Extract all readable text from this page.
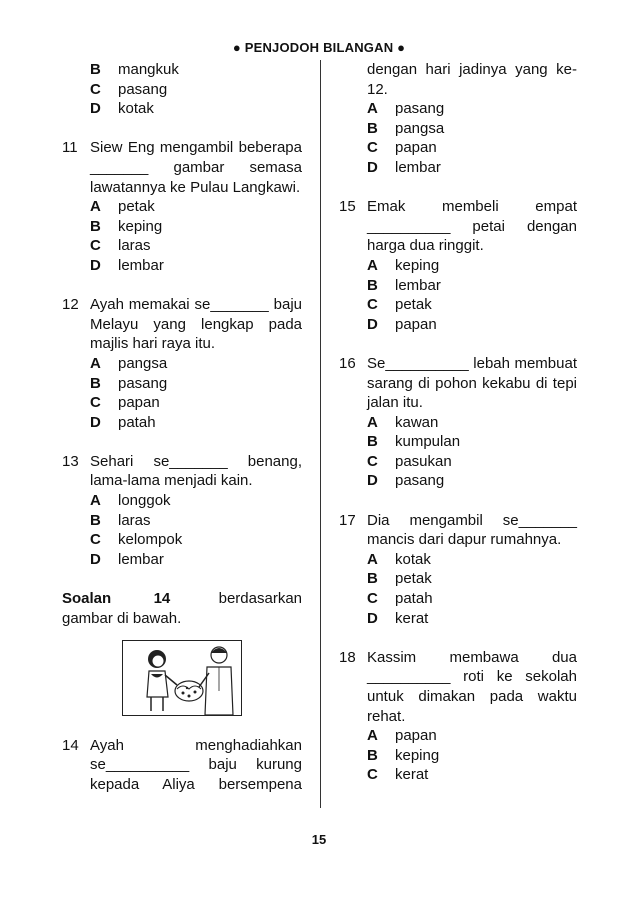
● PENJODOH BILANGAN ●
B	mangkuk
C	pasang
D	kotak
11 Siew Eng mengambil beberapa _______ gambar semasa lawatannya ke Pulau Langkawi.
A	petak
B	keping
C	laras
D	lembar
12 Ayah memakai se_______ baju Melayu yang lengkap pada majlis hari raya itu.
A	pangsa
B	pasang
C	papan
D	patah
13 Sehari se_______ benang, lama-lama menjadi kain.
A	longgok
B	laras
C	kelompok
D	lembar
Soalan	14	berdasarkan gambar di bawah.
14 Ayah menghadiahkan se__________ baju kurung kepada Aliya bersempena
dengan hari jadinya yang ke-12.
A	pasang
B	pangsa
C	papan
D	lembar
15 Emak membeli empat __________ petai dengan harga dua ringgit.
A	keping
B	lembar
C	petak
D	papan
16 Se__________ lebah membuat sarang di pohon kekabu di tepi jalan itu.
A	kawan
B	kumpulan
C	pasukan
D	pasang
17 Dia mengambil se_______ mancis dari dapur rumahnya.
A	kotak
B	petak
C	patah
D	kerat
18 Kassim membawa dua __________ roti ke sekolah untuk dimakan pada waktu rehat.
A	papan
B	keping
C	kerat
15
